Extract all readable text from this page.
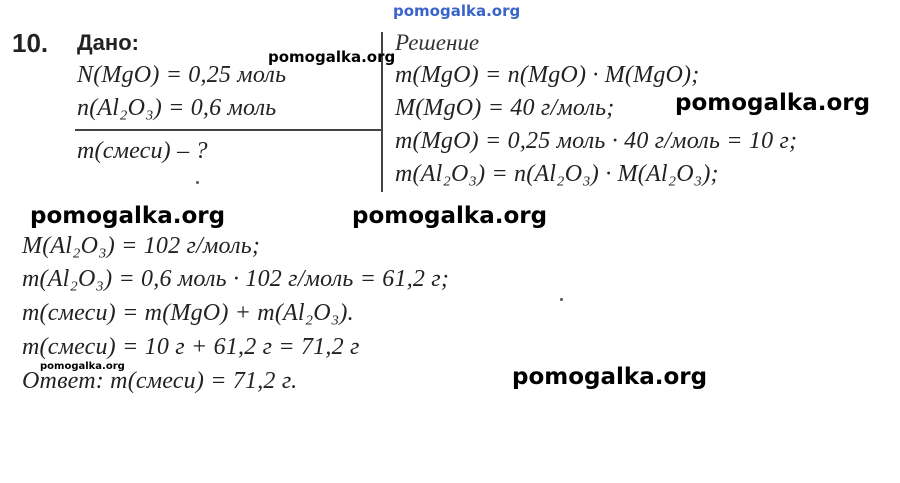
10. Дано:
N(MgO) = 0,25 моль
n(Al₂O₃) = 0,6 моль
m(смеси) – ?
Решение
m(MgO) = n(MgO) · M(MgO);
M(MgO) = 40 г/моль;
m(MgO) = 0,25 моль · 40 г/моль = 10 г;
m(Al₂O₃) = n(Al₂O₃) · M(Al₂O₃);
M(Al₂O₃) = 102 г/моль;
m(Al₂O₃) = 0,6 моль · 102 г/моль = 61,2 г;
m(смеси) = m(MgO) + m(Al₂O₃).
m(смеси) = 10 г + 61,2 г = 71,2 г
Ответ: m(смеси) = 71,2 г.
pomogalka.org
pomogalka.org
pomogalka.org
pomogalka.org	pomogalka.org
pomogalka.org	pomogalka.org
